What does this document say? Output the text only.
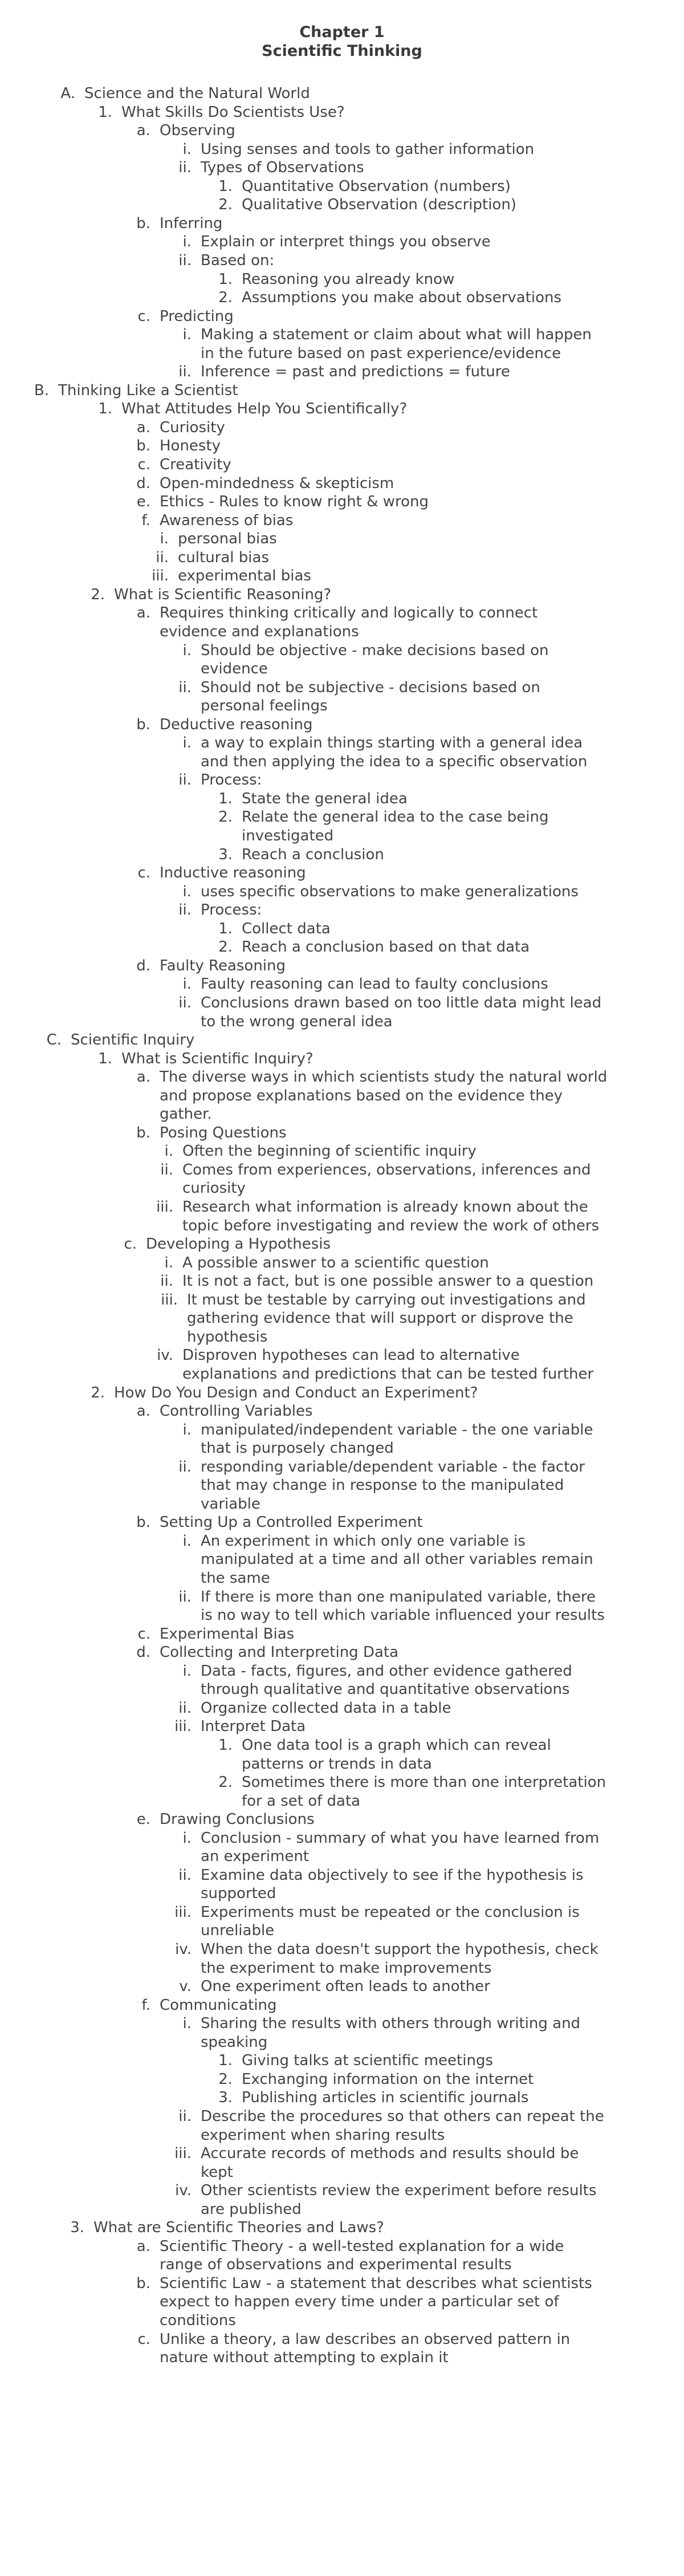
Chapter 1
Scientific Thinking
A. Science and the Natural World
1. What Skills Do Scientists Use?
a. Observing
i. Using senses and tools to gather information
ii. Types of Observations
1. Quantitative Observation (numbers)
2. Qualitative Observation (description)
b. Inferring
i. Explain or interpret things you observe
ii. Based on:
1. Reasoning you already know
2. Assumptions you make about observations
c. Predicting
i. Making a statement or claim about what will happen
in the future based on past experience/evidence
ii. Inference = past and predictions = future
B. Thinking Like a Scientist
1. What Attitudes Help You Scientifically?
a. Curiosity
b. Honesty
c. Creativity
d. Open-mindedness & skepticism
e. Ethics - Rules to know right & wrong
f. Awareness of bias
i. personal bias
ii. cultural bias
iii. experimental bias
2. What is Scientific Reasoning?
a. Requires thinking critically and logically to connect
evidence and explanations
i. Should be objective - make decisions based on
evidence
ii. Should not be subjective - decisions based on
personal feelings
b. Deductive reasoning
i. a way to explain things starting with a general idea
and then applying the idea to a specific observation
ii. Process:
1. State the general idea
2. Relate the general idea to the case being
investigated
3. Reach a conclusion
c. Inductive reasoning
i. uses specific observations to make generalizations
ii. Process:
1. Collect data
2. Reach a conclusion based on that data
d. Faulty Reasoning
i. Faulty reasoning can lead to faulty conclusions
ii. Conclusions drawn based on too little data might lead
to the wrong general idea
C. Scientific Inquiry
1. What is Scientific Inquiry?
a. The diverse ways in which scientists study the natural world
and propose explanations based on the evidence they
gather.
b. Posing Questions
i. Often the beginning of scientific inquiry
ii. Comes from experiences, observations, inferences and
curiosity
iii. Research what information is already known about the
topic before investigating and review the work of others
c. Developing a Hypothesis
i. A possible answer to a scientific question
ii. It is not a fact, but is one possible answer to a question
iii. It must be testable by carrying out investigations and
gathering evidence that will support or disprove the
hypothesis
iv. Disproven hypotheses can lead to alternative
explanations and predictions that can be tested further
2. How Do You Design and Conduct an Experiment?
a. Controlling Variables
i. manipulated/independent variable - the one variable
that is purposely changed
ii. responding variable/dependent variable - the factor
that may change in response to the manipulated
variable
b. Setting Up a Controlled Experiment
i. An experiment in which only one variable is
manipulated at a time and all other variables remain
the same
ii. If there is more than one manipulated variable, there
is no way to tell which variable influenced your results
c. Experimental Bias
d. Collecting and Interpreting Data
i. Data - facts, figures, and other evidence gathered
through qualitative and quantitative observations
ii. Organize collected data in a table
iii. Interpret Data
1. One data tool is a graph which can reveal
patterns or trends in data
2. Sometimes there is more than one interpretation
for a set of data
e. Drawing Conclusions
i. Conclusion - summary of what you have learned from
an experiment
ii. Examine data objectively to see if the hypothesis is
supported
iii. Experiments must be repeated or the conclusion is
unreliable
iv. When the data doesn't support the hypothesis, check
the experiment to make improvements
v. One experiment often leads to another
f. Communicating
i. Sharing the results with others through writing and
speaking
1. Giving talks at scientific meetings
2. Exchanging information on the internet
3. Publishing articles in scientific journals
ii. Describe the procedures so that others can repeat the
experiment when sharing results
iii. Accurate records of methods and results should be
kept
iv. Other scientists review the experiment before results
are published
3. What are Scientific Theories and Laws?
a. Scientific Theory - a well-tested explanation for a wide
range of observations and experimental results
b. Scientific Law - a statement that describes what scientists
expect to happen every time under a particular set of
conditions
c. Unlike a theory, a law describes an observed pattern in
nature without attempting to explain it
